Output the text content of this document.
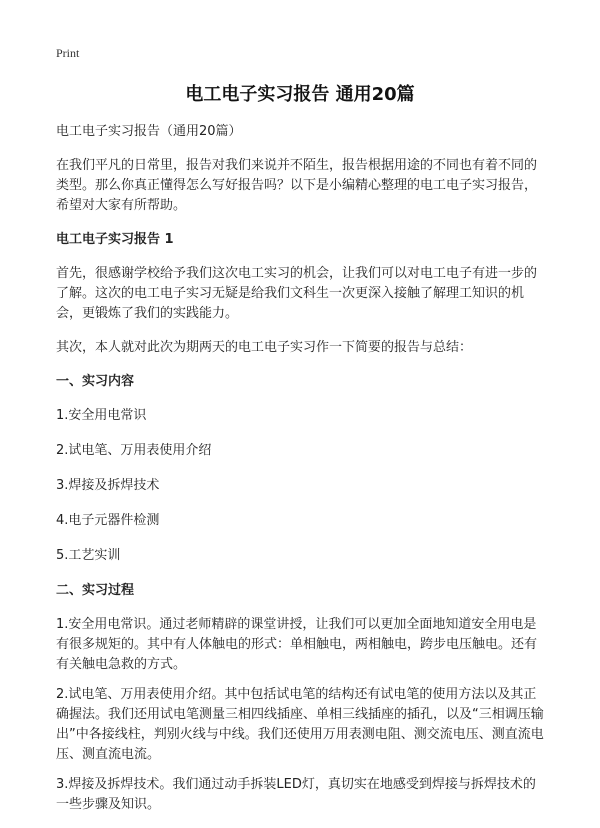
Print
电工电子实习报告 通用20篇

电工电子实习报告（通用20篇）

在我们平凡的日常里，报告对我们来说并不陌生，报告根据用途的不同也有着不同的类型。那么你真正懂得怎么写好报告吗？以下是小编精心整理的电工电子实习报告，希望对大家有所帮助。

电工电子实习报告 1

首先，很感谢学校给予我们这次电工实习的机会，让我们可以对电工电子有进一步的了解。这次的电工电子实习无疑是给我们文科生一次更深入接触了解理工知识的机会，更锻炼了我们的实践能力。

其次，本人就对此次为期两天的电工电子实习作一下简要的报告与总结：

一、实习内容

1.安全用电常识

2.试电笔、万用表使用介绍

3.焊接及拆焊技术

4.电子元器件检测

5.工艺实训

二、实习过程

1.安全用电常识。通过老师精辟的课堂讲授，让我们可以更加全面地知道安全用电是有很多规矩的。其中有人体触电的形式：单相触电，两相触电，跨步电压触电。还有有关触电急救的方式。

2.试电笔、万用表使用介绍。其中包括试电笔的结构还有试电笔的使用方法以及其正确握法。我们还用试电笔测量三相四线插座、单相三线插座的插孔，以及“三相调压输出”中各接线柱，判别火线与中线。我们还使用万用表测电阻、测交流电压、测直流电压、测直流电流。

3.焊接及拆焊技术。我们通过动手拆装LED灯，真切实在地感受到焊接与拆焊技术的一些步骤及知识。
